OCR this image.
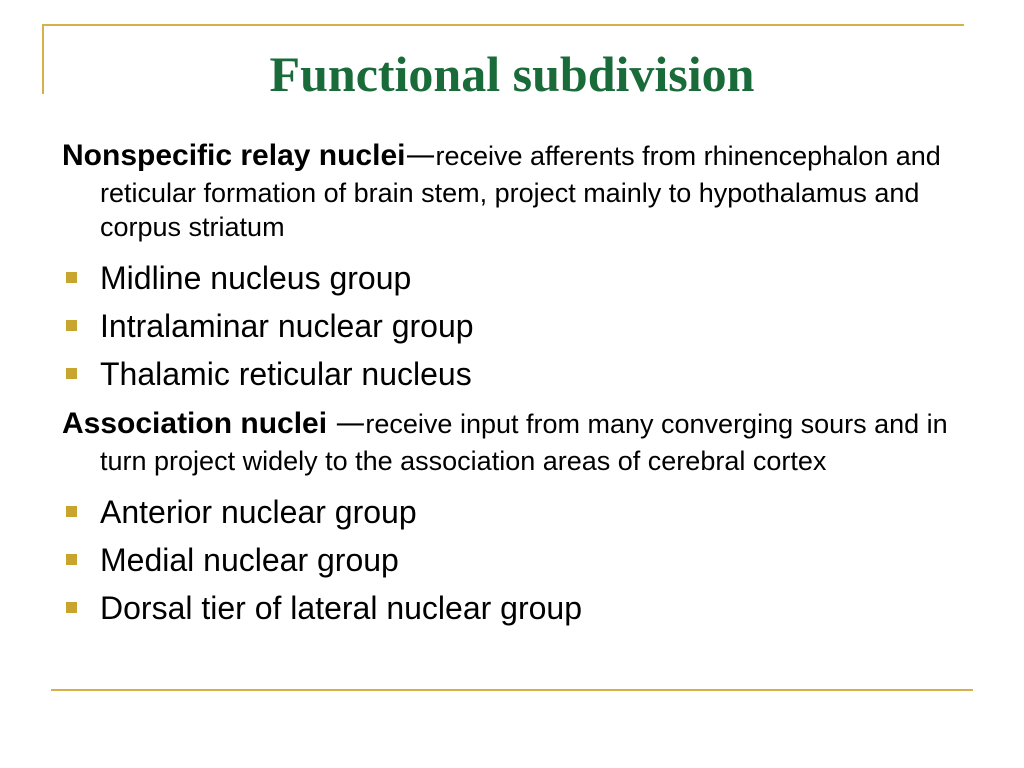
Functional subdivision
Nonspecific relay nuclei—receive afferents from rhinencephalon and reticular formation of brain stem, project mainly to hypothalamus and corpus striatum
Midline nucleus group
Intralaminar nuclear group
Thalamic reticular nucleus
Association nuclei —receive input from many converging sours and in turn project widely to the association areas of cerebral cortex
Anterior nuclear group
Medial nuclear group
Dorsal tier of lateral nuclear group
